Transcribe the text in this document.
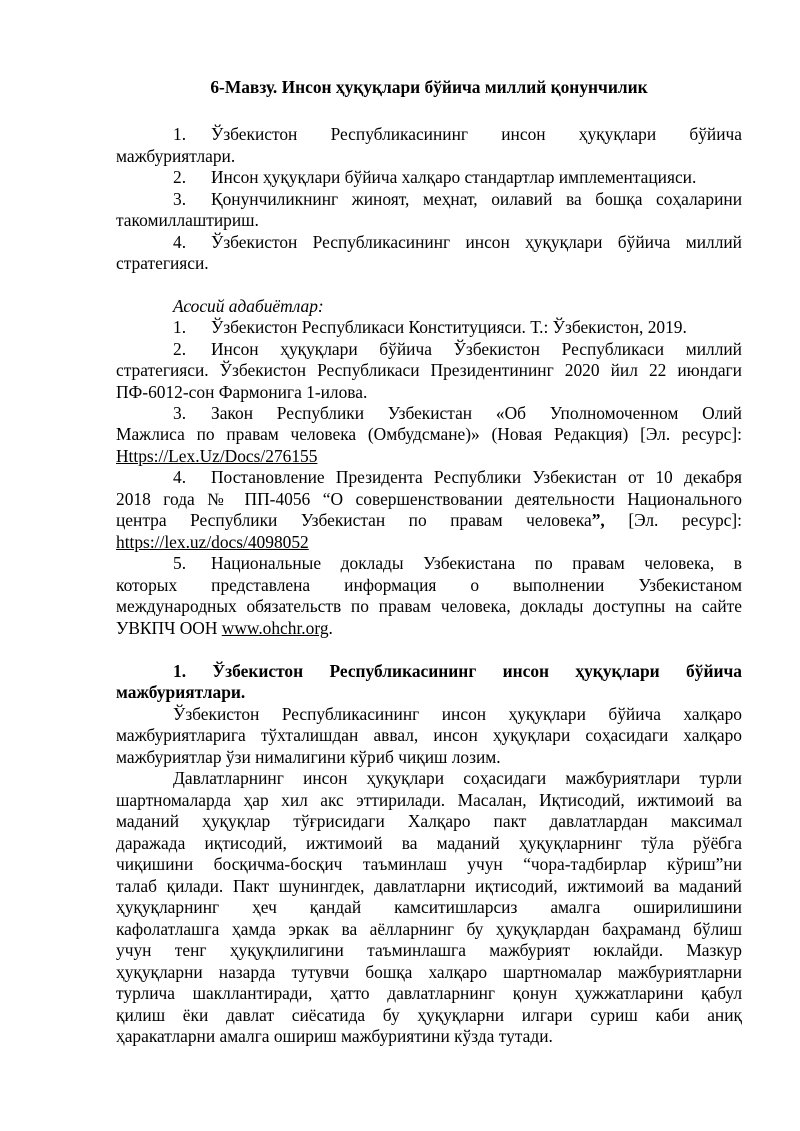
6-Мавзу. Инсон ҳуқуқлари бўйича миллий қонунчилик
1. Ўзбекистон Республикасининг инсон ҳуқуқлари бўйича
мажбуриятлари.
2. Инсон ҳуқуқлари бўйича халқаро стандартлар имплементацияси.
3. Қонунчиликнинг жиноят, меҳнат, оилавий ва бошқа соҳаларини
такомиллаштириш.
4. Ўзбекистон Республикасининг инсон ҳуқуқлари бўйича миллий
стратегияси.
Асосий адабиётлар:
1. Ўзбекистон Республикаси Конституцияси. Т.: Ўзбекистон, 2019.
2. Инсон ҳуқуқлари бўйича Ўзбекистон Республикаси миллий
стратегияси. Ўзбекистон Республикаси Президентининг 2020 йил 22 июндаги
ПФ-6012-сон Фармонига 1-илова.
3. Закон Республики Узбекистан «Об Уполномоченном Олий
Мажлиса по правам человека (Омбудсмане)» (Новая Редакция) [Эл. ресурс]:
Https://Lex.Uz/Docs/276155
4. Постановление Президента Республики Узбекистан от 10 декабря
2018 года № ПП-4056 “О совершенствовании деятельности Национального
центра Республики Узбекистан по правам человека”, [Эл. ресурс]:
https://lex.uz/docs/4098052
5. Национальные доклады Узбекистана по правам человека, в
которых представлена информация о выполнении Узбекистаном
международных обязательств по правам человека, доклады доступны на сайте
УВКПЧ ООН www.ohchr.org.
1. Ўзбекистон Республикасининг инсон ҳуқуқлари бўйича
мажбуриятлари.
Ўзбекистон Республикасининг инсон ҳуқуқлари бўйича халқаро
мажбуриятларига тўхталишдан аввал, инсон ҳуқуқлари соҳасидаги халқаро
мажбуриятлар ўзи нималигини кўриб чиқиш лозим.
Давлатларнинг инсон ҳуқуқлари соҳасидаги мажбуриятлари турли
шартномаларда ҳар хил акс эттирилади. Масалан, Иқтисодий, ижтимоий ва
маданий ҳуқуқлар тўғрисидаги Халқаро пакт давлатлардан максимал
даражада иқтисодий, ижтимоий ва маданий ҳуқуқларнинг тўла рўёбга
чиқишини босқичма-босқич таъминлаш учун “чора-тадбирлар кўриш”ни
талаб қилади. Пакт шунингдек, давлатларни иқтисодий, ижтимоий ва маданий
ҳуқуқларнинг ҳеч қандай камситишларсиз амалга оширилишини
кафолатлашга ҳамда эркак ва аёлларнинг бу ҳуқуқлардан баҳраманд бўлиш
учун тенг ҳуқуқлилигини таъминлашга мажбурият юклайди. Мазкур
ҳуқуқларни назарда тутувчи бошқа халқаро шартномалар мажбуриятларни
турлича шакллантиради, ҳатто давлатларнинг қонун ҳужжатларини қабул
қилиш ёки давлат сиёсатида бу ҳуқуқларни илгари суриш каби аниқ
ҳаракатларни амалга ошириш мажбуриятини кўзда тутади.
